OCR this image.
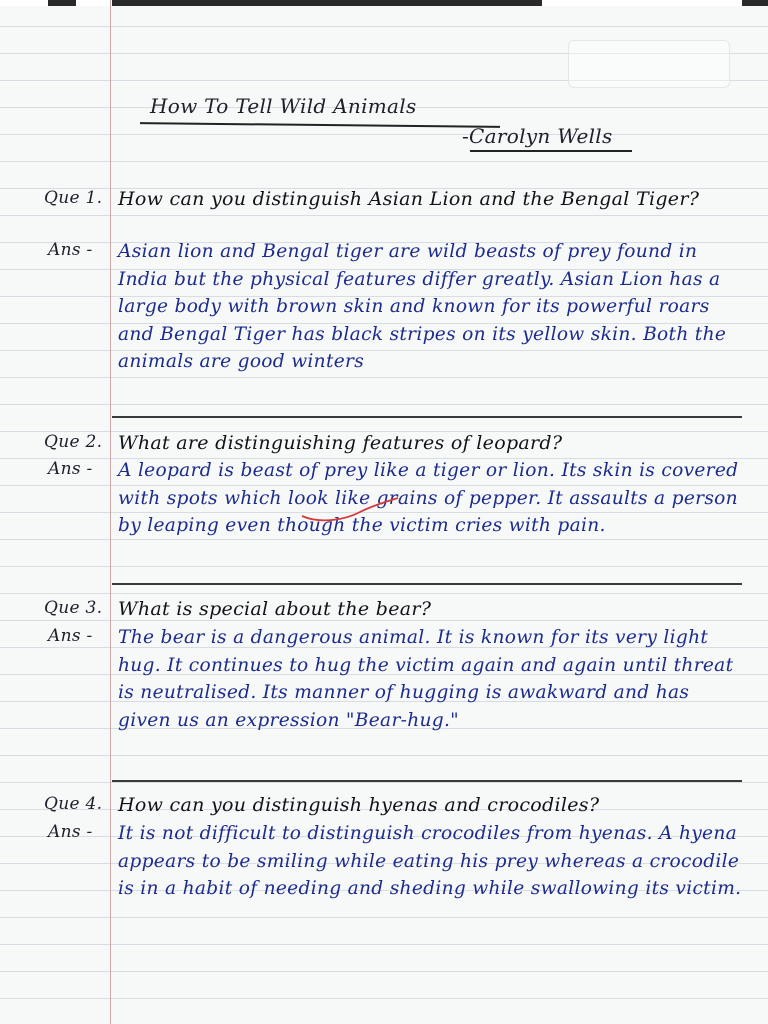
How To Tell Wild Animals
-Carolyn Wells
Que 1. How can you distinguish Asian Lion and the Bengal Tiger?
Ans - Asian lion and Bengal tiger are wild beasts of prey found in India but the physical features differ greatly. Asian Lion has a large body with brown skin and known for its powerful roars and Bengal Tiger has black stripes on its yellow skin. Both the animals are good winters
Que 2. What are distinguishing features of leopard?
Ans - A leopard is beast of prey like a tiger or lion. Its skin is covered with spots which look like grains of pepper. It assaults a person by leaping even though the victim cries with pain.
Que 3. What is special about the bear?
Ans - The bear is a dangerous animal. It is known for its very light hug. It continues to hug the victim again and again until threat is neutralised. Its manner of hugging is awakward and has given us an expression "Bear-hug."
Que 4. How can you distinguish hyenas and crocodiles?
Ans - It is not difficult to distinguish crocodiles from hyenas. A hyena appears to be smiling while eating his prey whereas a crocodile is in a habit of needing and sheding while swallowing its victim.
